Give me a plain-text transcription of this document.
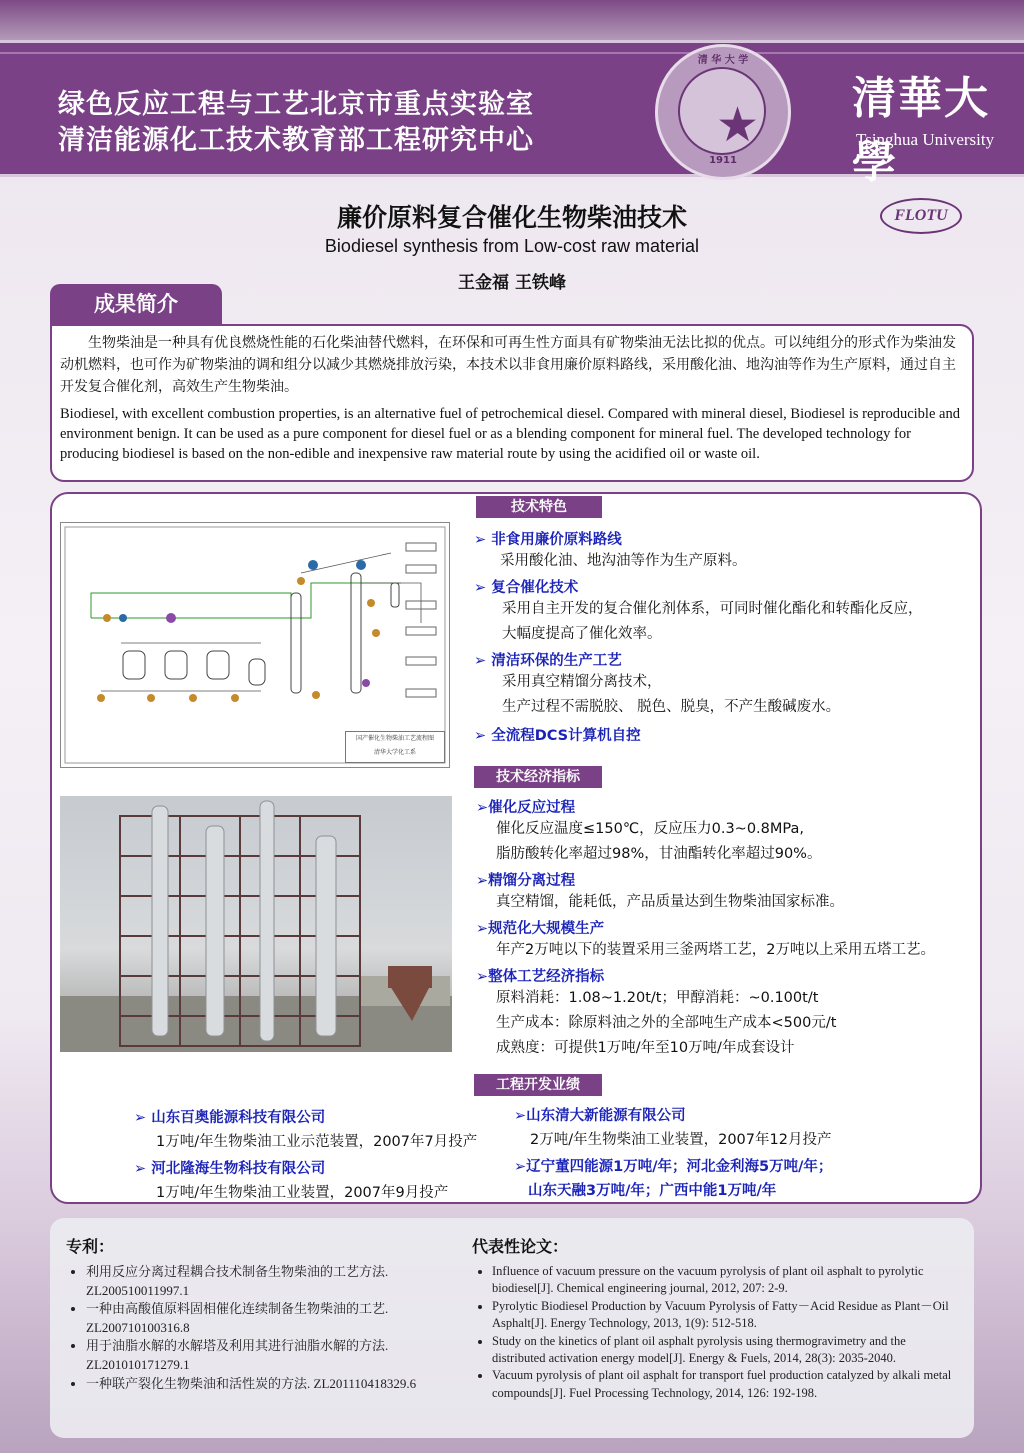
绿色反应工程与工艺北京市重点实验室
清洁能源化工技术教育部工程研究中心
清 华 大 学
★
1911
清華大學
Tsinghua University
廉价原料复合催化生物柴油技术
Biodiesel synthesis from Low-cost raw material
王金福 王铁峰
FLOTU
成果简介

生物柴油是一种具有优良燃烧性能的石化柴油替代燃料，在环保和可再生性方面具有矿物柴油无法比拟的优点。可以纯组分的形式作为柴油发动机燃料，也可作为矿物柴油的调和组分以减少其燃烧排放污染，本技术以非食用廉价原料路线，采用酸化油、地沟油等作为生产原料，通过自主开发复合催化剂，高效生产生物柴油。

Biodiesel, with excellent combustion properties, is an alternative fuel of petrochemical diesel. Compared with mineral diesel, Biodiesel is reproducible and environment benign. It can be used as a pure component for diesel fuel or as a blending component for mineral fuel. The developed technology for producing biodiesel is based on the non-edible and inexpensive raw material route by using the acidified oil or waste oil.

技术特色
国产催化生物柴油工艺流程图
清华大学化工系
➢ 非食用廉价原料路线
采用酸化油、地沟油等作为生产原料。
➢ 复合催化技术
采用自主开发的复合催化剂体系，可同时催化酯化和转酯化反应，
大幅度提高了催化效率。
➢ 清洁环保的生产工艺
采用真空精馏分离技术，
生产过程不需脱胶、 脱色、脱臭，不产生酸碱废水。
➢ 全流程DCS计算机自控
技术经济指标
➢催化反应过程
催化反应温度≤150℃，反应压力0.3~0.8MPa,
脂肪酸转化率超过98%，甘油酯转化率超过90%。
➢精馏分离过程
真空精馏，能耗低，产品质量达到生物柴油国家标准。
➢规范化大规模生产
年产2万吨以下的装置采用三釜两塔工艺，2万吨以上采用五塔工艺。
➢整体工艺经济指标
原料消耗：1.08~1.20t/t；甲醇消耗：~0.100t/t
生产成本：除原料油之外的全部吨生产成本<500元/t
成熟度：可提供1万吨/年至10万吨/年成套设计
工程开发业绩
➢ 山东百奥能源科技有限公司
1万吨/年生物柴油工业示范装置，2007年7月投产
➢ 河北隆海生物科技有限公司
1万吨/年生物柴油工业装置，2007年9月投产
➢山东清大新能源有限公司
2万吨/年生物柴油工业装置，2007年12月投产
➢辽宁董四能源1万吨/年；河北金利海5万吨/年；
山东天融3万吨/年；广西中能1万吨/年
专利：
• 利用反应分离过程耦合技术制备生物柴油的工艺方法. ZL200510011997.1
• 一种由高酸值原料固相催化连续制备生物柴油的工艺. ZL200710100316.8
• 用于油脂水解的水解塔及利用其进行油脂水解的方法. ZL201010171279.1
• 一种联产裂化生物柴油和活性炭的方法. ZL201110418329.6
代表性论文：
• Influence of vacuum pressure on the vacuum pyrolysis of plant oil asphalt to pyrolytic biodiesel[J]. Chemical engineering journal, 2012, 207: 2-9.
• Pyrolytic Biodiesel Production by Vacuum Pyrolysis of Fatty－Acid Residue as Plant－Oil Asphalt[J]. Energy Technology, 2013, 1(9): 512-518.
• Study on the kinetics of plant oil asphalt pyrolysis using thermogravimetry and the distributed activation energy model[J]. Energy & Fuels, 2014, 28(3): 2035-2040.
• Vacuum pyrolysis of plant oil asphalt for transport fuel production catalyzed by alkali metal compounds[J]. Fuel Processing Technology, 2014, 126: 192-198.
